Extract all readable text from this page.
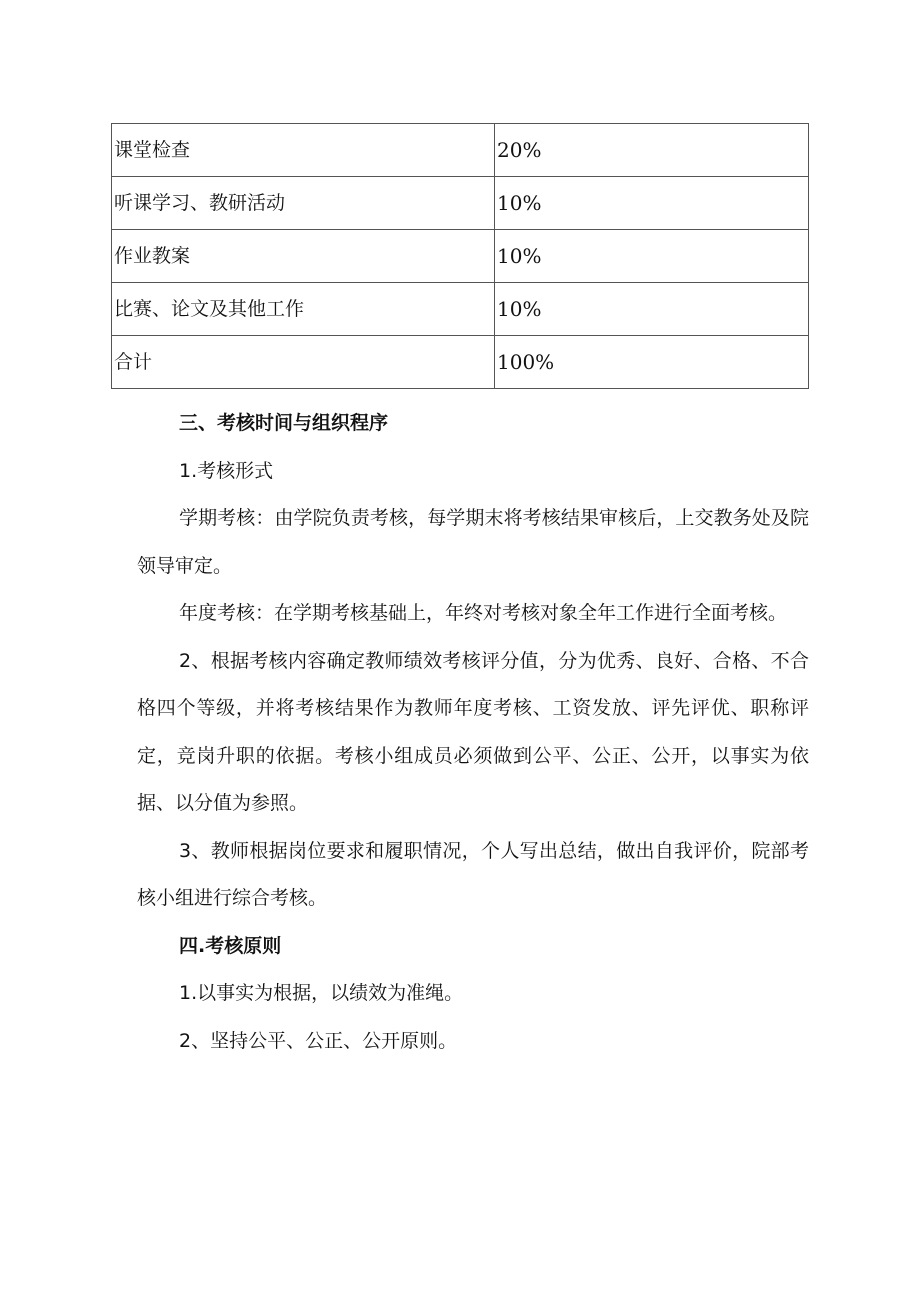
课堂检查	20%
听课学习、教研活动	10%
作业教案	10%
比赛、论文及其他工作	10%
合计	100%

三、考核时间与组织程序

1.考核形式

学期考核：由学院负责考核，每学期末将考核结果审核后，上交教务处及院领导审定。

年度考核：在学期考核基础上，年终对考核对象全年工作进行全面考核。

2、根据考核内容确定教师绩效考核评分值，分为优秀、良好、合格、不合格四个等级，并将考核结果作为教师年度考核、工资发放、评先评优、职称评定，竞岗升职的依据。考核小组成员必须做到公平、公正、公开，以事实为依据、以分值为参照。

3、教师根据岗位要求和履职情况，个人写出总结，做出自我评价，院部考核小组进行综合考核。

四.考核原则

1.以事实为根据，以绩效为准绳。

2、坚持公平、公正、公开原则。
